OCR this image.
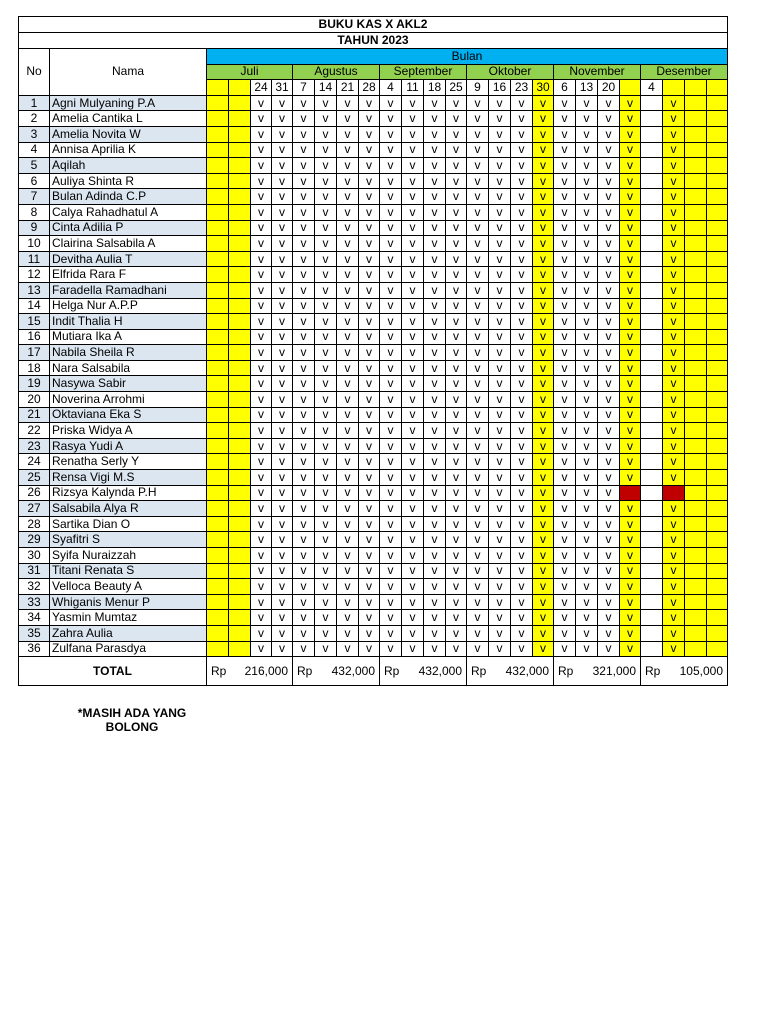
BUKU KAS X AKL2																									
TAHUN 2023																									
No	Nama	Bulan																							
		Juli				Agustus				September				Oktober				November				Desember			
				24	31	7	14	21	28	4	11	18	25	9	16	23	30	6	13	20		4			
1	Agni Mulyaning P.A			v	v	v	v	v	v	v	v	v	v	v	v	v	v	v	v	v	v		v		
2	Amelia Cantika L			v	v	v	v	v	v	v	v	v	v	v	v	v	v	v	v	v	v		v		
3	Amelia Novita W			v	v	v	v	v	v	v	v	v	v	v	v	v	v	v	v	v	v		v		
4	Annisa Aprilia K			v	v	v	v	v	v	v	v	v	v	v	v	v	v	v	v	v	v		v		
5	Aqilah			v	v	v	v	v	v	v	v	v	v	v	v	v	v	v	v	v	v		v		
6	Auliya Shinta R			v	v	v	v	v	v	v	v	v	v	v	v	v	v	v	v	v	v		v		
7	Bulan Adinda C.P			v	v	v	v	v	v	v	v	v	v	v	v	v	v	v	v	v	v		v		
8	Calya Rahadhatul A			v	v	v	v	v	v	v	v	v	v	v	v	v	v	v	v	v	v		v		
9	Cinta Adilia P			v	v	v	v	v	v	v	v	v	v	v	v	v	v	v	v	v	v		v		
10	Clairina Salsabila A			v	v	v	v	v	v	v	v	v	v	v	v	v	v	v	v	v	v		v		
11	Devitha Aulia T			v	v	v	v	v	v	v	v	v	v	v	v	v	v	v	v	v	v		v		
12	Elfrida Rara F			v	v	v	v	v	v	v	v	v	v	v	v	v	v	v	v	v	v		v		
13	Faradella Ramadhani			v	v	v	v	v	v	v	v	v	v	v	v	v	v	v	v	v	v		v		
14	Helga Nur A.P.P			v	v	v	v	v	v	v	v	v	v	v	v	v	v	v	v	v	v		v		
15	Indit Thalia H			v	v	v	v	v	v	v	v	v	v	v	v	v	v	v	v	v	v		v		
16	Mutiara Ika A			v	v	v	v	v	v	v	v	v	v	v	v	v	v	v	v	v	v		v		
17	Nabila Sheila R			v	v	v	v	v	v	v	v	v	v	v	v	v	v	v	v	v	v		v		
18	Nara Salsabila			v	v	v	v	v	v	v	v	v	v	v	v	v	v	v	v	v	v		v		
19	Nasywa Sabir			v	v	v	v	v	v	v	v	v	v	v	v	v	v	v	v	v	v		v		
20	Noverina Arrohmi			v	v	v	v	v	v	v	v	v	v	v	v	v	v	v	v	v	v		v		
21	Oktaviana Eka S			v	v	v	v	v	v	v	v	v	v	v	v	v	v	v	v	v	v		v		
22	Priska Widya A			v	v	v	v	v	v	v	v	v	v	v	v	v	v	v	v	v	v		v		
23	Rasya Yudi A			v	v	v	v	v	v	v	v	v	v	v	v	v	v	v	v	v	v		v		
24	Renatha Serly Y			v	v	v	v	v	v	v	v	v	v	v	v	v	v	v	v	v	v		v		
25	Rensa Vigi M.S			v	v	v	v	v	v	v	v	v	v	v	v	v	v	v	v	v	v		v		
26	Rizsya Kalynda P.H			v	v	v	v	v	v	v	v	v	v	v	v	v	v	v	v	v					
27	Salsabila Alya R			v	v	v	v	v	v	v	v	v	v	v	v	v	v	v	v	v	v		v		
28	Sartika Dian O			v	v	v	v	v	v	v	v	v	v	v	v	v	v	v	v	v	v		v		
29	Syafitri S			v	v	v	v	v	v	v	v	v	v	v	v	v	v	v	v	v	v		v		
30	Syifa Nuraizzah			v	v	v	v	v	v	v	v	v	v	v	v	v	v	v	v	v	v		v		
31	Titani Renata S			v	v	v	v	v	v	v	v	v	v	v	v	v	v	v	v	v	v		v		
32	Velloca Beauty A			v	v	v	v	v	v	v	v	v	v	v	v	v	v	v	v	v	v		v		
33	Whiganis Menur P			v	v	v	v	v	v	v	v	v	v	v	v	v	v	v	v	v	v		v		
34	Yasmin Mumtaz			v	v	v	v	v	v	v	v	v	v	v	v	v	v	v	v	v	v		v		
35	Zahra Aulia			v	v	v	v	v	v	v	v	v	v	v	v	v	v	v	v	v	v		v		
36	Zulfana Parasdya			v	v	v	v	v	v	v	v	v	v	v	v	v	v	v	v	v	v		v		
TOTAL		Rp 216,000				Rp 432,000				Rp 432,000				Rp 432,000				Rp 321,000				Rp 105,000			
*MASIH ADA YANG
BOLONG
